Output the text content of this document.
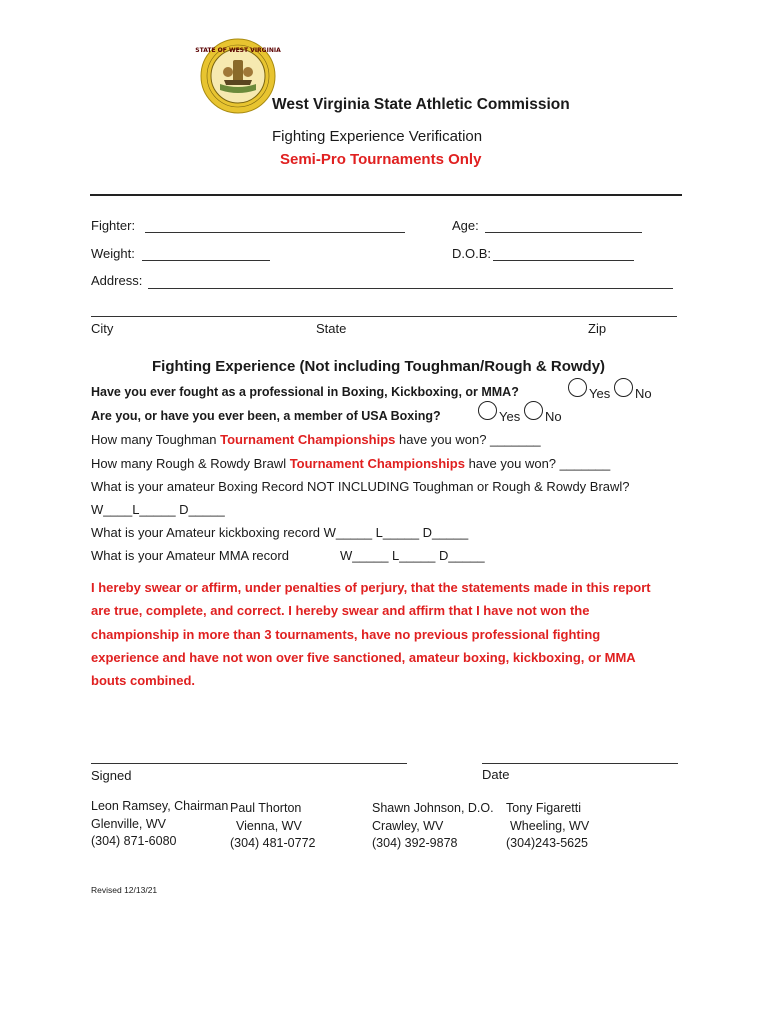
STATE OF WEST VIRGINIA
West Virginia State Athletic Commission
Fighting Experience Verification
Semi-Pro Tournaments Only
Fighter:	Age:
Weight:	D.O.B:
Address:
City	State	Zip
Fighting Experience (Not including Toughman/Rough & Rowdy)
Have you ever fought as a professional in Boxing, Kickboxing, or MMA?	Yes No
Are you, or have you ever been, a member of USA Boxing?	Yes No
How many Toughman Tournament Championships have you won? _______
How many Rough & Rowdy Brawl Tournament Championships have you won? _______
What is your amateur Boxing Record NOT INCLUDING Toughman or Rough & Rowdy Brawl?
W____L_____ D_____
What is your Amateur kickboxing record W_____ L_____ D_____
What is your Amateur MMA record	W_____ L_____ D_____
I hereby swear or affirm, under penalties of perjury, that the statements made in this report
are true, complete, and correct. I hereby swear and affirm that I have not won the
championship in more than 3 tournaments, have no previous professional fighting
experience and have not won over five sanctioned, amateur boxing, kickboxing, or MMA
bouts combined.
Signed	Date
Leon Ramsey, Chairman
Glenville, WV
(304) 871-6080
Paul Thorton
Vienna, WV
(304) 481-0772
Shawn Johnson, D.O.
Crawley, WV
(304) 392-9878
Tony Figaretti
Wheeling, WV
(304)243-5625
Revised 12/13/21
